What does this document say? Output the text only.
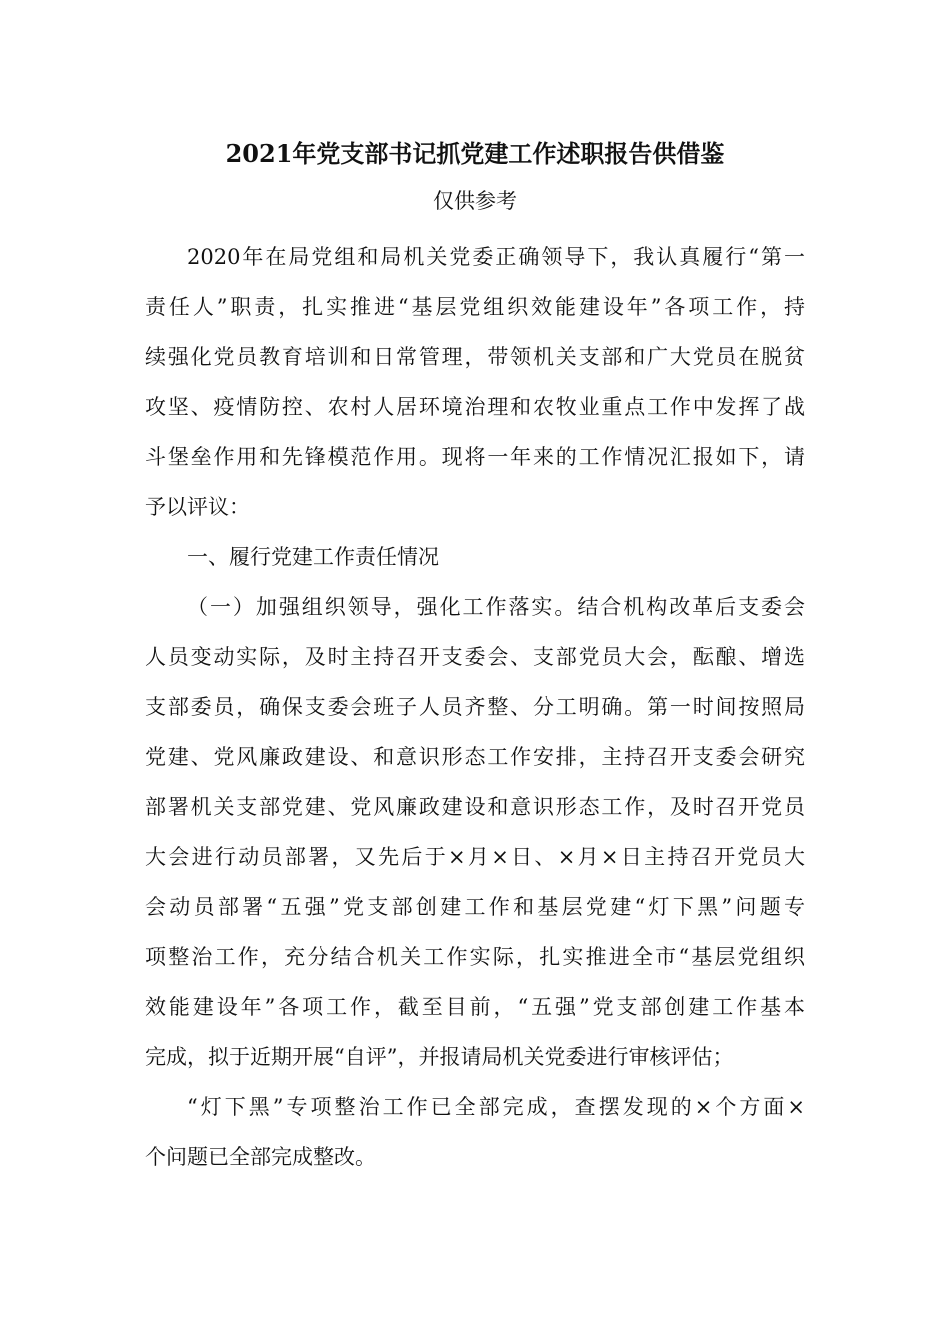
2021年党支部书记抓党建工作述职报告供借鉴
仅供参考
2020年在局党组和局机关党委正确领导下，我认真履行“第一
责任人”职责，扎实推进“基层党组织效能建设年”各项工作，持
续强化党员教育培训和日常管理，带领机关支部和广大党员在脱贫
攻坚、疫情防控、农村人居环境治理和农牧业重点工作中发挥了战
斗堡垒作用和先锋模范作用。现将一年来的工作情况汇报如下，请
予以评议：
一、履行党建工作责任情况
（一）加强组织领导，强化工作落实。结合机构改革后支委会
人员变动实际，及时主持召开支委会、支部党员大会，酝酿、增选
支部委员，确保支委会班子人员齐整、分工明确。第一时间按照局
党建、党风廉政建设、和意识形态工作安排，主持召开支委会研究
部署机关支部党建、党风廉政建设和意识形态工作，及时召开党员
大会进行动员部署，又先后于×月×日、×月×日主持召开党员大
会动员部署“五强”党支部创建工作和基层党建“灯下黑”问题专
项整治工作，充分结合机关工作实际，扎实推进全市“基层党组织
效能建设年”各项工作，截至目前，“五强”党支部创建工作基本
完成，拟于近期开展“自评”，并报请局机关党委进行审核评估；
“灯下黑”专项整治工作已全部完成，查摆发现的×个方面×
个问题已全部完成整改。
